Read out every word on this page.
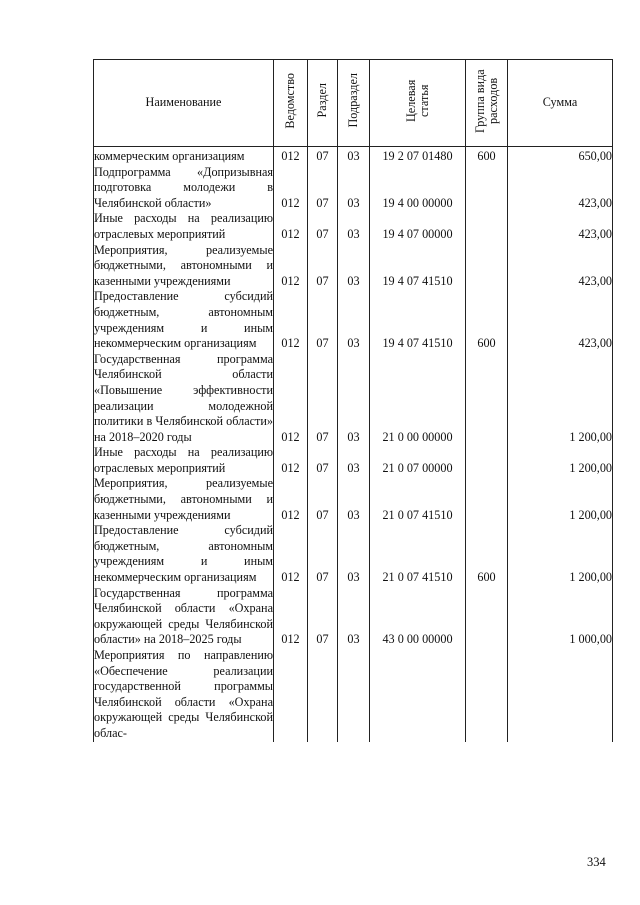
Наименование	Ведомство	Раздел	Подраздел	Целевая статья	Группа вида расходов	Сумма
коммерческим организациям	012	07	03	19 2 07 01480	600	650,00
Подпрограмма «Допризывная подготовка молодежи в Челябинской области»	012	07	03	19 4 00 00000		423,00
Иные расходы на реализацию отраслевых мероприятий	012	07	03	19 4 07 00000		423,00
Мероприятия, реализуемые бюджетными, автономными и казенными учреждениями	012	07	03	19 4 07 41510		423,00
Предоставление субсидий бюджетным, автономным учреждениям и иным некоммерческим организациям	012	07	03	19 4 07 41510	600	423,00
Государственная программа Челябинской области «Повышение эффективности реализации молодежной политики в Челябинской области» на 2018–2020 годы	012	07	03	21 0 00 00000		1 200,00
Иные расходы на реализацию отраслевых мероприятий	012	07	03	21 0 07 00000		1 200,00
Мероприятия, реализуемые бюджетными, автономными и казенными учреждениями	012	07	03	21 0 07 41510		1 200,00
Предоставление субсидий бюджетным, автономным учреждениям и иным некоммерческим организациям	012	07	03	21 0 07 41510	600	1 200,00
Государственная программа Челябинской области «Охрана окружающей среды Челябинской области» на 2018–2025 годы	012	07	03	43 0 00 00000		1 000,00
Мероприятия по направлению «Обеспечение реализации государственной программы Челябинской области «Охрана окружающей среды Челябинской облас-						
334
